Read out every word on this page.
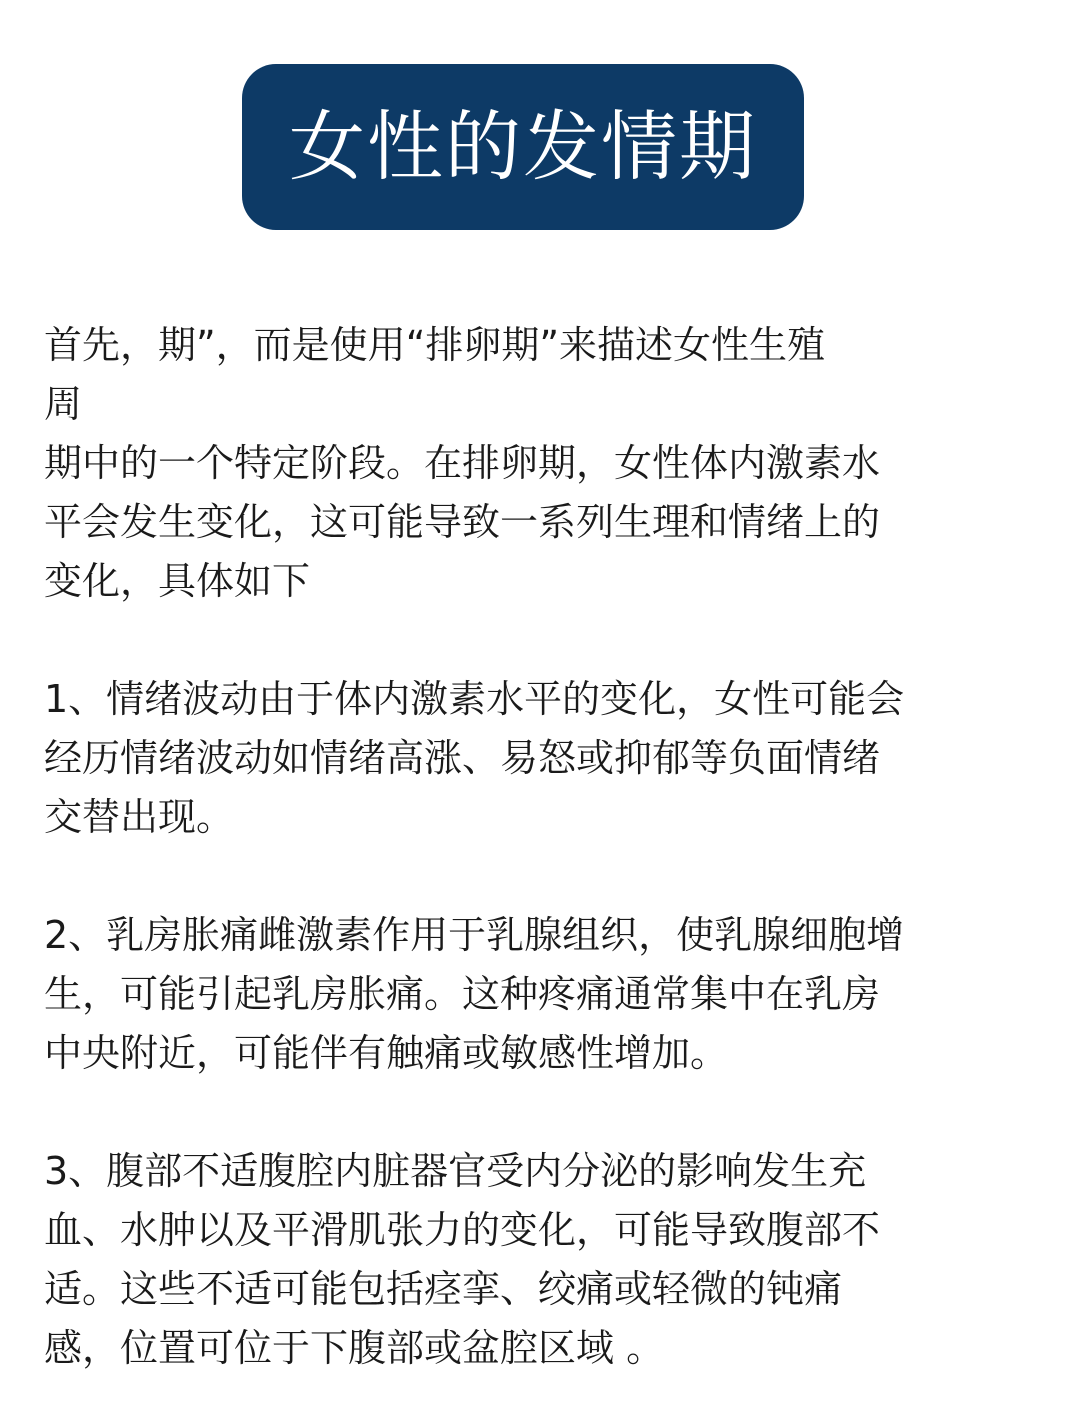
女性的发情期
首先，期”，而是使用“排卵期”来描述女性生殖
周
期中的一个特定阶段。在排卵期，女性体内激素水
平会发生变化，这可能导致一系列生理和情绪上的
变化，具体如下
1、情绪波动由于体内激素水平的变化，女性可能会
经历情绪波动如情绪高涨、易怒或抑郁等负面情绪
交替出现。
2、乳房胀痛雌激素作用于乳腺组织，使乳腺细胞增
生，可能引起乳房胀痛。这种疼痛通常集中在乳房
中央附近，可能伴有触痛或敏感性增加。
3、腹部不适腹腔内脏器官受内分泌的影响发生充
血、水肿以及平滑肌张力的变化，可能导致腹部不
适。这些不适可能包括痉挛、绞痛或轻微的钝痛
感，位置可位于下腹部或盆腔区域 。
